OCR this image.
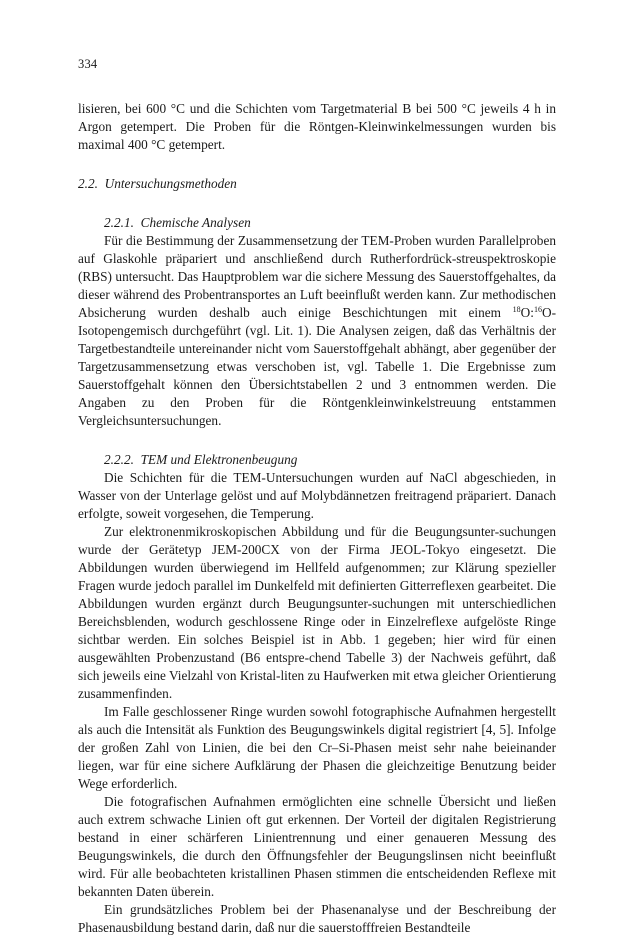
334

lisieren, bei 600 °C und die Schichten vom Targetmaterial B bei 500 °C jeweils 4 h in Argon getempert. Die Proben für die Röntgen-Kleinwinkelmessungen wurden bis maximal 400 °C getempert.

2.2. Untersuchungsmethoden

2.2.1. Chemische Analysen

Für die Bestimmung der Zusammensetzung der TEM-Proben wurden Parallelproben auf Glaskohle präpariert und anschließend durch Rutherfordrück-streuspektroskopie (RBS) untersucht. Das Hauptproblem war die sichere Messung des Sauerstoffgehaltes, da dieser während des Probentransportes an Luft beeinflußt werden kann. Zur methodischen Absicherung wurden deshalb auch einige Beschichtungen mit einem $^{18}$O:$^{16}$O-Isotopengemisch durchgeführt (vgl. Lit. 1). Die Analysen zeigen, daß das Verhältnis der Targetbestandteile untereinander nicht vom Sauerstoffgehalt abhängt, aber gegenüber der Targetzusammensetzung etwas verschoben ist, vgl. Tabelle 1. Die Ergebnisse zum Sauerstoffgehalt können den Übersichtstabellen 2 und 3 entnommen werden. Die Angaben zu den Proben für die Röntgenkleinwinkelstreuung entstammen Vergleichsuntersuchungen.

2.2.2. TEM und Elektronenbeugung

Die Schichten für die TEM-Untersuchungen wurden auf NaCl abgeschieden, in Wasser von der Unterlage gelöst und auf Molybdännetzen freitragend präpariert. Danach erfolgte, soweit vorgesehen, die Temperung.

Zur elektronenmikroskopischen Abbildung und für die Beugungsunter-suchungen wurde der Gerätetyp JEM-200CX von der Firma JEOL-Tokyo eingesetzt. Die Abbildungen wurden überwiegend im Hellfeld aufgenommen; zur Klärung spezieller Fragen wurde jedoch parallel im Dunkelfeld mit definierten Gitterreflexen gearbeitet. Die Abbildungen wurden ergänzt durch Beugungsunter-suchungen mit unterschiedlichen Bereichsblenden, wodurch geschlossene Ringe oder in Einzelreflexe aufgelöste Ringe sichtbar werden. Ein solches Beispiel ist in Abb. 1 gegeben; hier wird für einen ausgewählten Probenzustand (B6 entspre-chend Tabelle 3) der Nachweis geführt, daß sich jeweils eine Vielzahl von Kristal-liten zu Haufwerken mit etwa gleicher Orientierung zusammenfinden.

Im Falle geschlossener Ringe wurden sowohl fotographische Aufnahmen hergestellt als auch die Intensität als Funktion des Beugungswinkels digital registriert [4, 5]. Infolge der großen Zahl von Linien, die bei den Cr–Si-Phasen meist sehr nahe beieinander liegen, war für eine sichere Aufklärung der Phasen die gleichzeitige Benutzung beider Wege erforderlich.

Die fotografischen Aufnahmen ermöglichten eine schnelle Übersicht und ließen auch extrem schwache Linien oft gut erkennen. Der Vorteil der digitalen Registrierung bestand in einer schärferen Linientrennung und einer genaueren Messung des Beugungswinkels, die durch den Öffnungsfehler der Beugungslinsen nicht beeinflußt wird. Für alle beobachteten kristallinen Phasen stimmen die entscheidenden Reflexe mit bekannten Daten überein.

Ein grundsätzliches Problem bei der Phasenanalyse und der Beschreibung der Phasenausbildung bestand darin, daß nur die sauerstofffreien Bestandteile
